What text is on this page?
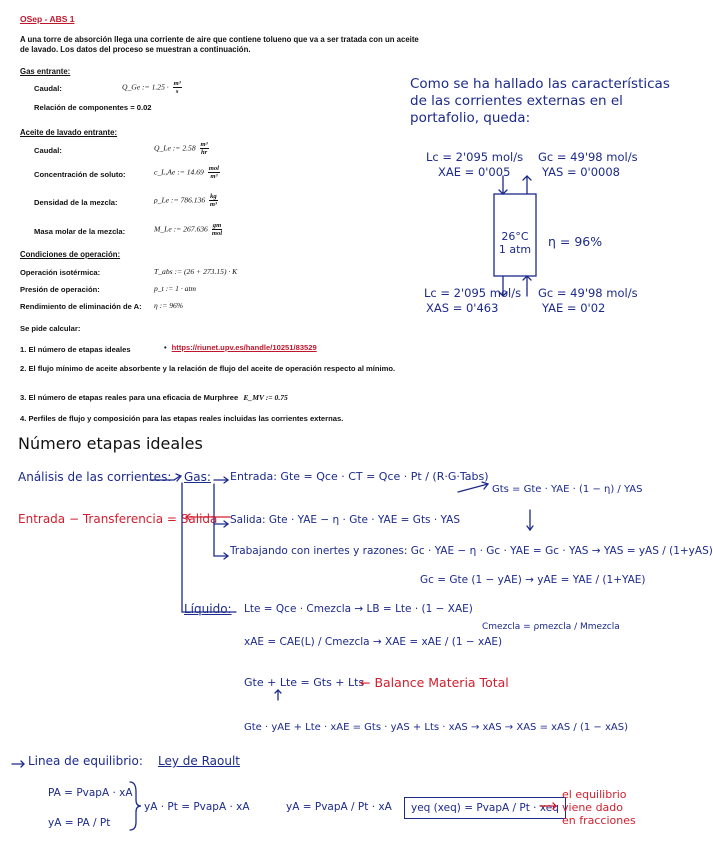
OSep - ABS 1
A una torre de absorción llega una corriente de aire que contiene tolueno que va a ser tratada con un aceite de lavado. Los datos del proceso se muestran a continuación.
Gas entrante:
Caudal:	Q_Ge := $1.25 \cdot \frac{\text{m³}}{s}$
Relación de componentes = 0.02
Aceite de lavado entrante:
Caudal:	Q_Le := $2.58 \frac{\text{m³}}{hr}$
Concentración de soluto:	c_L,Ae := $14.69 \frac{\text{mol}}{\text{m³}}$
Densidad de la mezcla:	ρ_Le := $786.136 \frac{kg}{\text{m³}}$
Masa molar de la mezcla:	M_Le := $267.636 \frac{gm}{\text{mol}}$
Condiciones de operación:
Operación isotérmica:	T_abs := (26 + 273.15) · K
Presión de operación:	p_t := 1 · atm
Rendimiento de eliminación de A: η := 96%
Se pide calcular:
1. El número de etapas ideales	• https://riunet.upv.es/handle/10251/83529
2. El flujo mínimo de aceite absorbente y la relación de flujo del aceite de operación respecto al mínimo.
3. El número de etapas reales para una eficacia de Murphree E_MV := 0.75
4. Perfiles de flujo y composición para las etapas reales incluidas las corrientes externas.
Como se ha hallado las características
de las corrientes externas en el
portafolio, queda:
Lc = 2'095 mol/s
XAE = 0'005
Gc = 49'98 mol/s
YAS = 0'0008
26°C
1 atm
η = 96%
Lc = 2'095 mol/s
XAS = 0'463
Gc = 49'98 mol/s
YAE = 0'02
Número etapas ideales
Análisis de las corrientes: Gas: Entrada: Gte = Qce · CT = Qce · Pt / (R·G·Tabs)
Gts = Gte · YAE · (1 − η) / YAS
Entrada − Transferencia = Salida Salida: Gte · YAE − η · Gte · YAE = Gts · YAS
Trabajando con inertes y razones: Gc · YAE − η · Gc · YAE = Gc · YAS → YAS = yAS / (1+yAS)
Gc = Gte (1 − yAE) → yAE = YAE / (1+YAE)
Líquido: Lte = Qce · Cmezcla → LB = Lte · (1 − XAE)
Cmezcla = ρmezcla / Mmezcla
xAE = CAE(L) / Cmezcla → XAE = xAE / (1 − xAE)
Gte + Lte = Gts + Lts
← Balance Materia Total
Gte · yAE + Lte · xAE = Gts · yAS + Lts · xAS → xAS → XAS = xAS / (1 − xAS)
Linea de equilibrio: Ley de Raoult
PA = PvapA · xA
yA = PA / Pt
yA · Pt = PvapA · xA	yA = PvapA / Pt · xA	yeq (xeq) = PvapA / Pt · xeq
el equilibrio
viene dado
en fracciones
